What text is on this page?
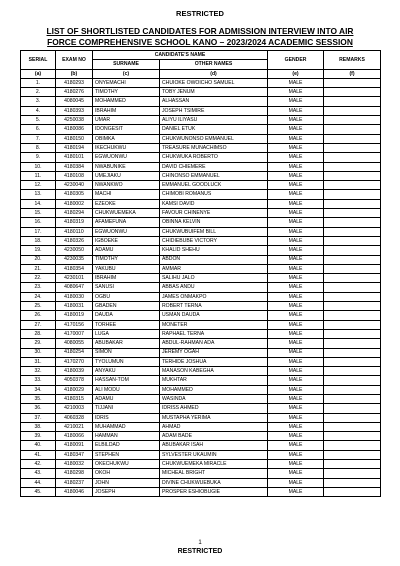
RESTRICTED
LIST OF SHORTLISTED CANDIDATES FOR ADMISSION INTERVIEW INTO AIR
FORCE COMPREHENSIVE SCHOOL KANO – 2023/2024 ACADEMIC SESSION
SERIAL	EXAM NO	CANDIDATE'S NAME		GENDER	REMARKS
		SURNAME	OTHER NAMES		
(a)	(b)	(c)	(d)	(e)	(f)
1.	4180293	ONYEMACHI	CHUIOKE OWOICHO SAMUEL	MALE	
2.	4180276	TIMOTHY	TOBY JENUM	MALE	
3.	4080045	MOHAMMED	ALHASSAN	MALE	
4.	4180393	IBRAHIM	JOSEPH TSIMIRE	MALE	
5.	4250038	UMAR	ALIYU ILIYASU	MALE	
6.	4180086	IDONGESIT	DANIEL ETUK	MALE	
7.	4180150	OBIMKA	CHUKWUNONSO EMMANUEL	MALE	
8.	4180194	IKECHUKWU	TREASURE MUNACHIMSO	MALE	
9.	4180101	EGWUONWU	CHUKWUKA ROBERTO	MALE	
10.	4180384	NWABUNIKE	DAVID CHIEMERE	MALE	
11.	4180108	UMEJIAKU	CHINONSO EMMANUEL	MALE	
12.	4230040	NWANKWO	EMMANUEL GOODLUCK	MALE	
13.	4180305	MACHI	CHIMOBI ROMANUS	MALE	
14.	4180002	EZEOKE	KAMSI DAVID	MALE	
15.	4180294	CHUKWUEMEKA	FAVOUR CHINENYE	MALE	
16.	4180319	AFAMEFUNA	OBINNA KELVIN	MALE	
17.	4180110	EGWUONWU	CHUKWUBUIFEM BILL	MALE	
18.	4180326	IGBOEKE	CHIDIEBUBE VICTORY	MALE	
19.	4230050	ADAMU	KHALID SHEHU	MALE	
20.	4230035	TIMOTHY	ABDON	MALE	
21.	4180354	YAKUBU	AMMAR	MALE	
22.	4230101	IBRAHIM	SALIHU JALO	MALE	
23.	4080647	SANUSI	ABBAS ANDU	MALE	
24.	4180030	OGBU	JAMES ONMAKPO	MALE	
25.	4180031	GBADEN	ROBERT TERNA	MALE	
26.	4180019	DAUDA	USMAN DAUDA	MALE	
27.	4170156	TORHEE	MONETER	MALE	
28.	4170007	LUGA	RAPHAEL TERNA	MALE	
29.	4080055	ABUBAKAR	ABDUL-RAHMAN ADA	MALE	
30.	4180254	SIMON	JEREMY OGAH	MALE	
31.	4170270	TYOLUMUN	TERHIDE JOSHUA	MALE	
32.	4180039	ANYAKU	MANASON KABEGHA	MALE	
33.	4050378	HASSAN-TOM	MUKHTAR	MALE	
34.	4180029	ALI MODU	MOHAMMED	MALE	
35.	4180315	ADAMU	WASINDA	MALE	
36.	4210003	TIJJANI	IDRISS AHMED	MALE	
37.	4060328	IDRIS	MUSTAPHA YERIMA	MALE	
38.	4210021	MUHAMMAD	AHMAD	MALE	
39.	4180066	HAMMAN	ADAM BADE	MALE	
40.	4180091	ELBILDAD	ABUBAKAR ISAH	MALE	
41.	4180347	STEPHEN	SYLVESTER UKAUMIN	MALE	
42.	4180032	OKECHUKWU	CHUKWUEMEKA MIRACLE	MALE	
43.	4180298	OKOH	MICHEAL BRIGHT	MALE	
44.	4180237	JOHN	DIVINE CHUKWUEBUKA	MALE	
45.	4180046	JOSEPH	PROSPER ESHIOBUGIE	MALE	
1
RESTRICTED
